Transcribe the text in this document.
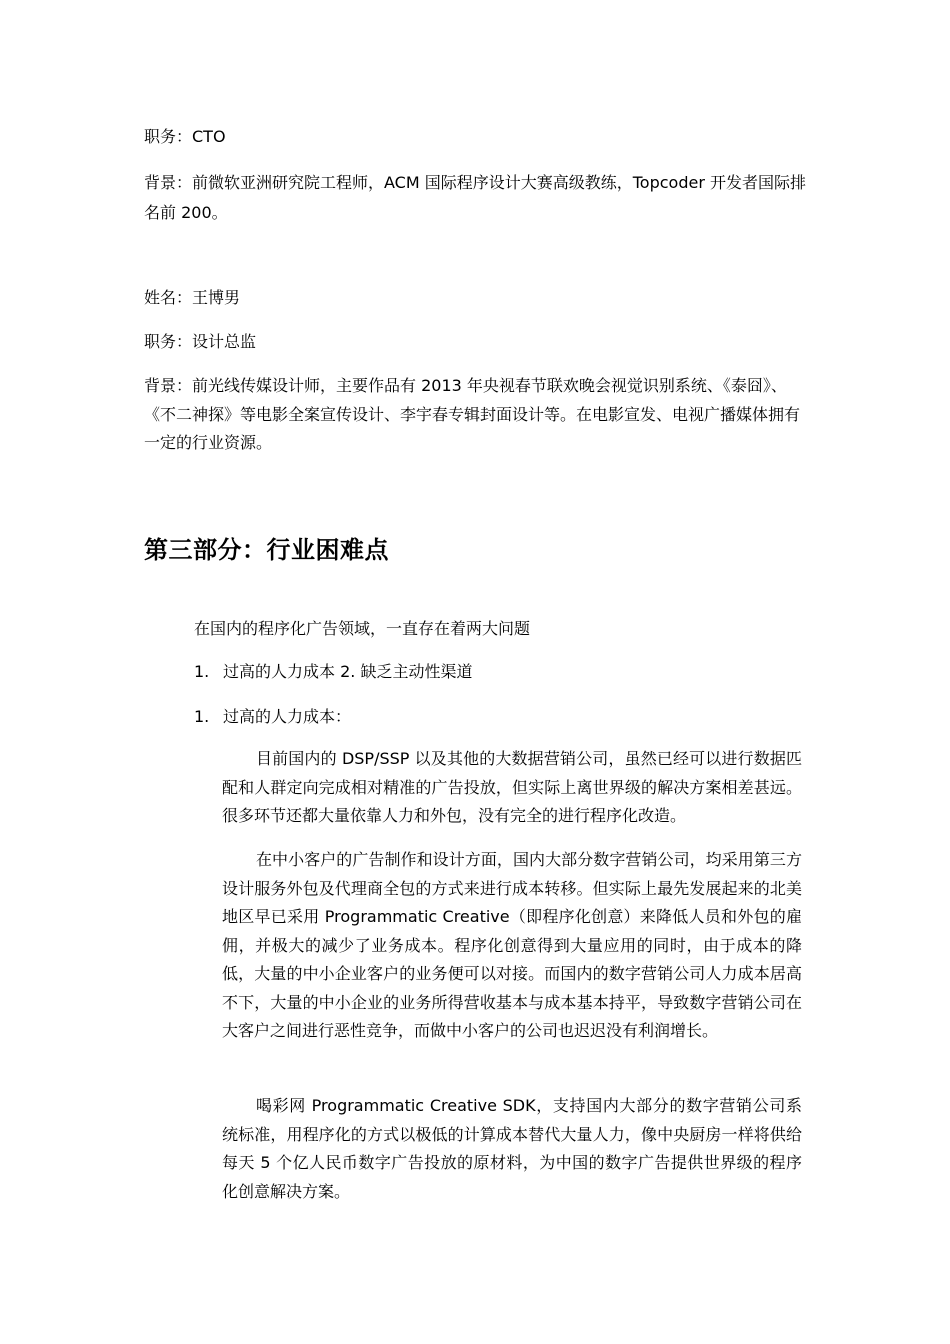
职务：CTO

背景：前微软亚洲研究院工程师，ACM 国际程序设计大赛高级教练，Topcoder 开发者国际排名前 200。

姓名：王博男

职务：设计总监

背景：前光线传媒设计师，主要作品有 2013 年央视春节联欢晚会视觉识别系统、《泰囧》、《不二神探》等电影全案宣传设计、李宇春专辑封面设计等。在电影宣发、电视广播媒体拥有一定的行业资源。

第三部分：行业困难点

在国内的程序化广告领域，一直存在着两大问题

1. 过高的人力成本 2. 缺乏主动性渠道

1. 过高的人力成本：

目前国内的 DSP/SSP 以及其他的大数据营销公司，虽然已经可以进行数据匹配和人群定向完成相对精准的广告投放，但实际上离世界级的解决方案相差甚远。很多环节还都大量依靠人力和外包，没有完全的进行程序化改造。

在中小客户的广告制作和设计方面，国内大部分数字营销公司，均采用第三方设计服务外包及代理商全包的方式来进行成本转移。但实际上最先发展起来的北美地区早已采用 Programmatic Creative（即程序化创意）来降低人员和外包的雇佣，并极大的减少了业务成本。程序化创意得到大量应用的同时，由于成本的降低，大量的中小企业客户的业务便可以对接。而国内的数字营销公司人力成本居高不下，大量的中小企业的业务所得营收基本与成本基本持平，导致数字营销公司在大客户之间进行恶性竞争，而做中小客户的公司也迟迟没有利润增长。

喝彩网 Programmatic Creative SDK，支持国内大部分的数字营销公司系统标准，用程序化的方式以极低的计算成本替代大量人力，像中央厨房一样将供给每天 5 个亿人民币数字广告投放的原材料，为中国的数字广告提供世界级的程序化创意解决方案。
